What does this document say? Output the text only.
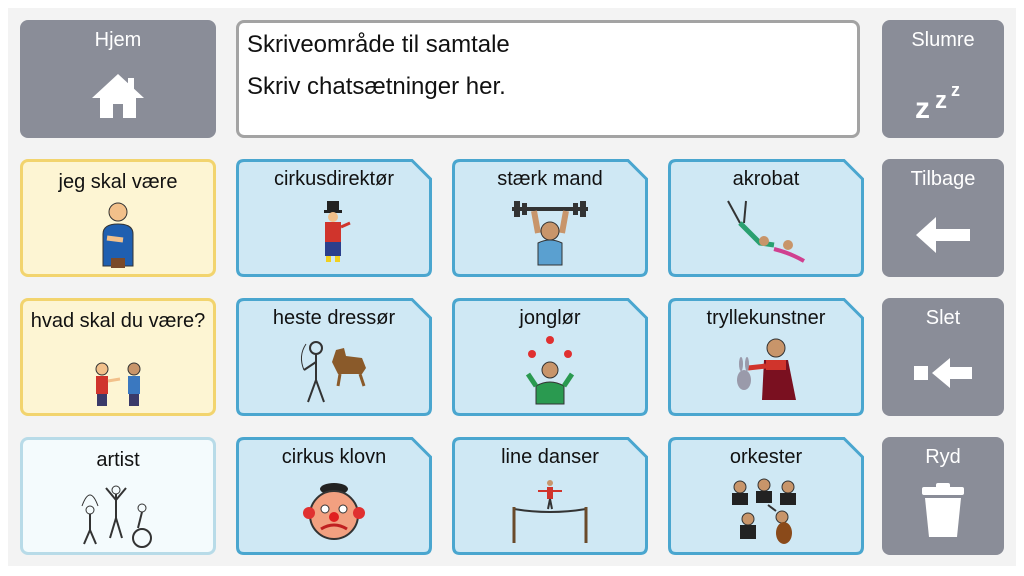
Hjem	Skriveområde til samtale
Skriv chatsætninger her.
Slumre
z z z
Tilbage
Slet
Ryd
jeg skal være	cirkusdirektør	stærk mand	akrobat
hvad skal du være?	heste dressør	jonglør	tryllekunstner
artist	cirkus klovn	line danser	orkester
